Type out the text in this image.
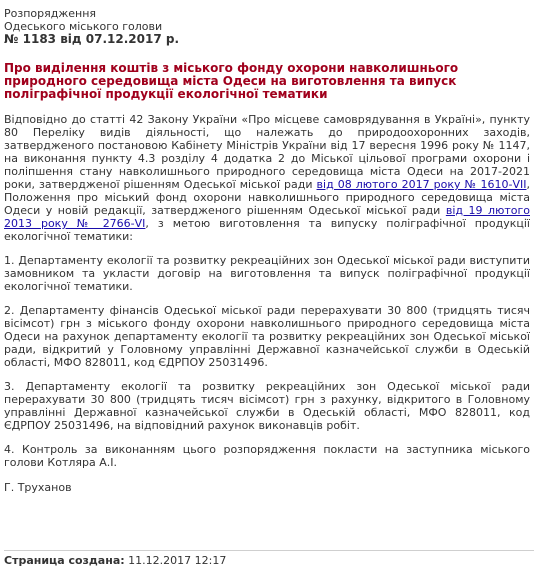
Розпорядження
Одеського міського голови
№ 1183 від 07.12.2017 р.
Про виділення коштів з міського фонду охорони навколишнього природного середовища міста Одеси на виготовлення та випуск поліграфічної продукції екологічної тематики
Відповідно до статті 42 Закону України «Про місцеве самоврядування в Україні», пункту 80 Переліку видів діяльності, що належать до природоохоронних заходів, затвердженого постановою Кабінету Міністрів України від 17 вересня 1996 року № 1147, на виконання пункту 4.3 розділу 4 додатка 2 до Міської цільової програми охорони і поліпшення стану навколишнього природного середовища міста Одеси на 2017-2021 роки, затвердженої рішенням Одеської міської ради від 08 лютого 2017 року № 1610-VII, Положення про міський фонд охорони навколишнього природного середовища міста Одеси у новій редакції, затвердженого рішенням Одеської міської ради від 19 лютого 2013 року № 2766-VI, з метою виготовлення та випуску поліграфічної продукції екологічної тематики:
1. Департаменту екології та розвитку рекреаційних зон Одеської міської ради виступити замовником та укласти договір на виготовлення та випуск поліграфічної продукції екологічної тематики.
2. Департаменту фінансів Одеської міської ради перерахувати 30 800 (тридцять тисяч вісімсот) грн з міського фонду охорони навколишнього природного середовища міста Одеси на рахунок департаменту екології та розвитку рекреаційних зон Одеської міської ради, відкритий у Головному управлінні Державної казначейської служби в Одеській області, МФО 828011, код ЄДРПОУ 25031496.
3. Департаменту екології та розвитку рекреаційних зон Одеської міської ради перерахувати 30 800 (тридцять тисяч вісімсот) грн з рахунку, відкритого в Головному управлінні Державної казначейської служби в Одеській області, МФО 828011, код ЄДРПОУ 25031496, на відповідний рахунок виконавців робіт.
4. Контроль за виконанням цього розпорядження покласти на заступника міського голови Котляра А.І.
Г. Труханов
Страница создана: 11.12.2017 12:17
